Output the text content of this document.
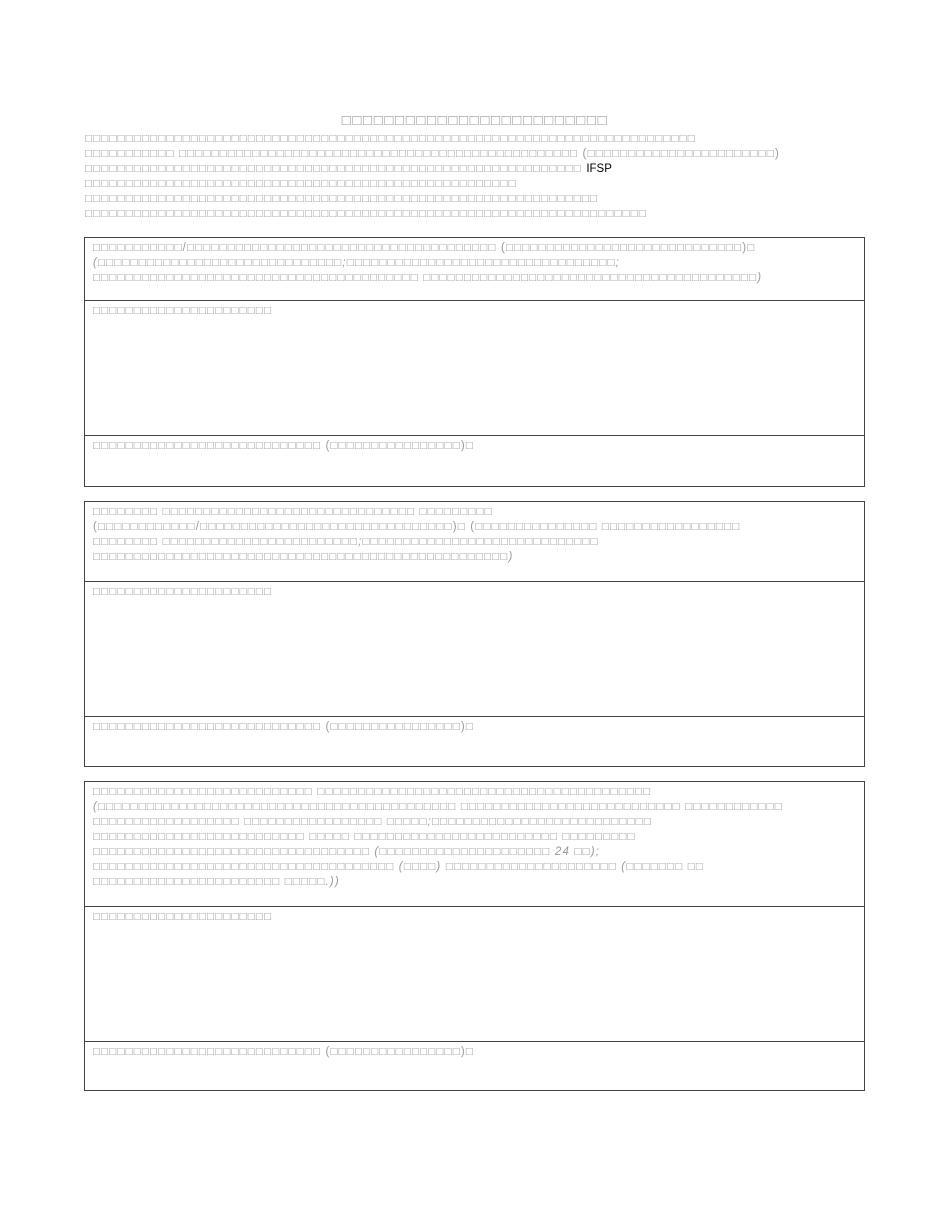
□□□□□□□□□□□□□□□□□□□□□□□□□
□□□□□□□□□□□□□□□□□□□□□□□□□□□□□□□□□□□□□□□□□□□□□□□□□□□□□□□□□□□□□□□□□□□□□□□□□□□
□□□□□□□□□□□ □□□□□□□□□□□□□□□□□□□□□□□□□□□□□□□□□□□□□□□□□□□□□□□□□ (□□□□□□□□□□□□□□□□□□□□□□□)
□□□□□□□□□□□□□□□□□□□□□□□□□□□□□□□□□□□□□□□□□□□□□□□□□□□□□□□□□□□□□ IFSP
□□□□□□□□□□□□□□□□□□□□□□□□□□□□□□□□□□□□□□□□□□□□□□□□□□□□□
□□□□□□□□□□□□□□□□□□□□□□□□□□□□□□□□□□□□□□□□□□□□□□□□□□□□□□□□□□□□□□□
□□□□□□□□□□□□□□□□□□□□□□□□□□□□□□□□□□□□□□□□□□□□□□□□□□□□□□□□□□□□□□□□□□□□□
□□□□□□□□□□□/□□□□□□□□□□□□□□□□□□□□□□□□□□□□□□□□□□□□□□ (□□□□□□□□□□□□□□□□□□□□□□□□□□□□□)□
(□□□□□□□□□□□□□□□□□□□□□□□□□□□□□□;□□□□□□□□□□□□□□□□□□□□□□□□□□□□□□□□□;
□□□□□□□□□□□□□□□□□□□□□□□□□□□□□□□□□□□□□□□□ □□□□□□□□□□□□□□□□□□□□□□□□□□□□□□□□□□□□□□□□□)
□□□□□□□□□□□□□□□□□□□□□□
□□□□□□□□□□□□□□□□□□□□□□□□□□□□ (□□□□□□□□□□□□□□□□)□
□□□□□□□□ □□□□□□□□□□□□□□□□□□□□□□□□□□□□□□□ □□□□□□□□□
(□□□□□□□□□□□□/□□□□□□□□□□□□□□□□□□□□□□□□□□□□□□□)□ (□□□□□□□□□□□□□□□ □□□□□□□□□□□□□□□□□
□□□□□□□□ □□□□□□□□□□□□□□□□□□□□□□□□;□□□□□□□□□□□□□□□□□□□□□□□□□□□□□
□□□□□□□□□□□□□□□□□□□□□□□□□□□□□□□□□□□□□□□□□□□□□□□□□□□)
□□□□□□□□□□□□□□□□□□□□□□
□□□□□□□□□□□□□□□□□□□□□□□□□□□□ (□□□□□□□□□□□□□□□□)□
□□□□□□□□□□□□□□□□□□□□□□□□□□□ □□□□□□□□□□□□□□□□□□□□□□□□□□□□□□□□□□□□□□□□□
(□□□□□□□□□□□□□□□□□□□□□□□□□□□□□□□□□□□□□□□□□□□□ □□□□□□□□□□□□□□□□□□□□□□□□□□□ □□□□□□□□□□□□
□□□□□□□□□□□□□□□□□□ □□□□□□□□□□□□□□□□□ □□□□□;□□□□□□□□□□□□□□□□□□□□□□□□□□□
□□□□□□□□□□□□□□□□□□□□□□□□□□ □□□□□ □□□□□□□□□□□□□□□□□□□□□□□□□ □□□□□□□□□
□□□□□□□□□□□□□□□□□□□□□□□□□□□□□□□□□□ (□□□□□□□□□□□□□□□□□□□□□ 24 □□);
□□□□□□□□□□□□□□□□□□□□□□□□□□□□□□□□□□□□□ (□□□□) □□□□□□□□□□□□□□□□□□□□□ (□□□□□□□ □□
□□□□□□□□□□□□□□□□□□□□□□□ □□□□□.))
□□□□□□□□□□□□□□□□□□□□□□
□□□□□□□□□□□□□□□□□□□□□□□□□□□□ (□□□□□□□□□□□□□□□□)□
